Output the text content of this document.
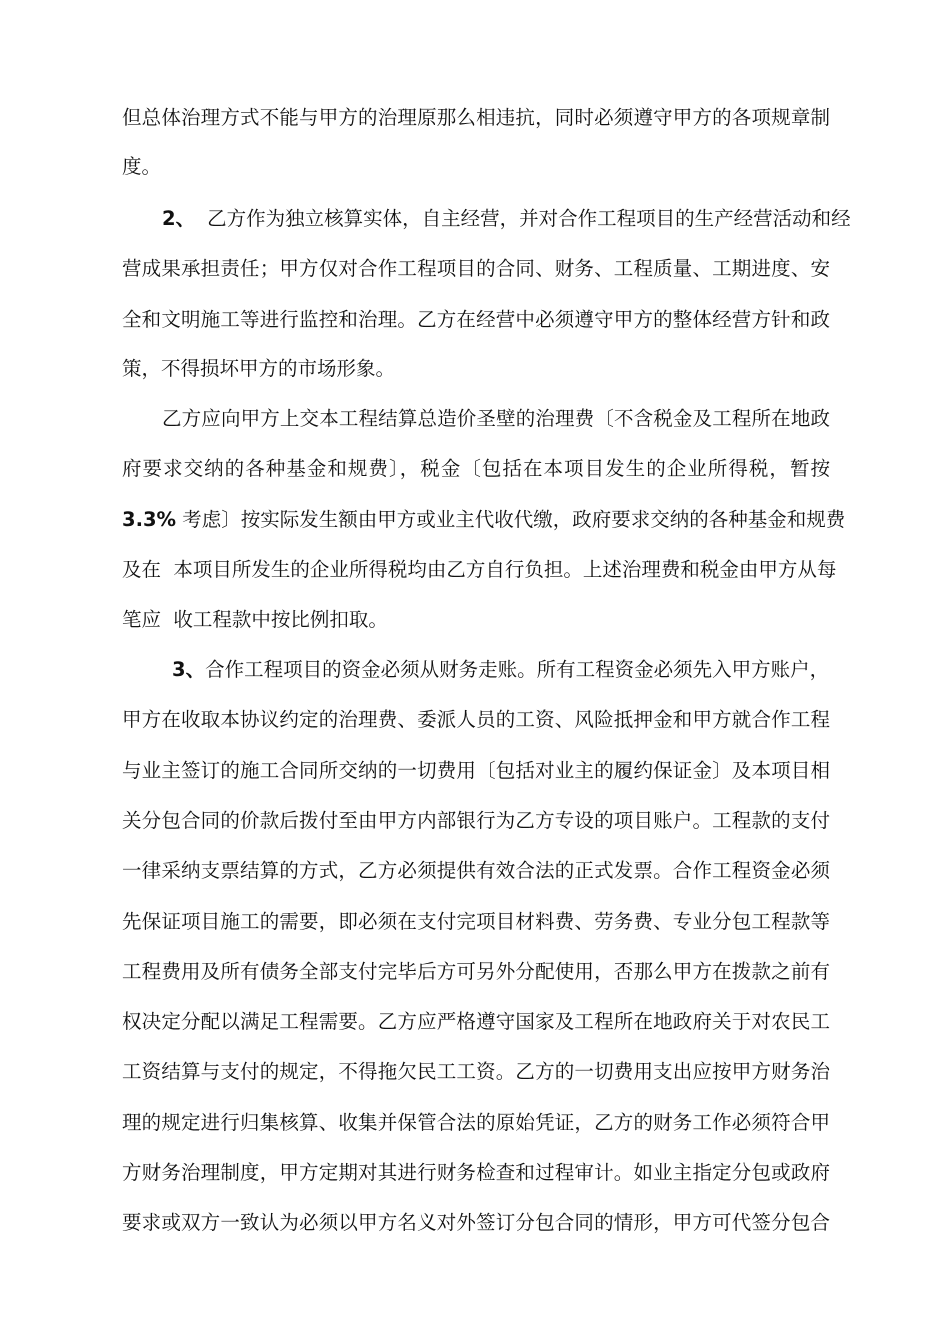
但总体治理方式不能与甲方的治理原那么相违抗，同时必须遵守甲方的各项规章制
度。
2、 乙方作为独立核算实体，自主经营，并对合作工程项目的生产经营活动和经
营成果承担责任；甲方仅对合作工程项目的合同、财务、工程质量、工期进度、安
全和文明施工等进行监控和治理。乙方在经营中必须遵守甲方的整体经营方针和政
策，不得损坏甲方的市场形象。
乙方应向甲方上交本工程结算总造价圣壁的治理费〔不含税金及工程所在地政
府要求交纳的各种基金和规费〕，税金〔包括在本项目发生的企业所得税，暂按
3.3% 考虑〕按实际发生额由甲方或业主代收代缴，政府要求交纳的各种基金和规费
及在  本项目所发生的企业所得税均由乙方自行负担。上述治理费和税金由甲方从每
笔应  收工程款中按比例扣取。
3、合作工程项目的资金必须从财务走账。所有工程资金必须先入甲方账户，
甲方在收取本协议约定的治理费、委派人员的工资、风险抵押金和甲方就合作工程
与业主签订的施工合同所交纳的一切费用〔包括对业主的履约保证金〕及本项目相
关分包合同的价款后拨付至由甲方内部银行为乙方专设的项目账户。工程款的支付
一律采纳支票结算的方式，乙方必须提供有效合法的正式发票。合作工程资金必须
先保证项目施工的需要，即必须在支付完项目材料费、劳务费、专业分包工程款等
工程费用及所有债务全部支付完毕后方可另外分配使用，否那么甲方在拨款之前有
权决定分配以满足工程需要。乙方应严格遵守国家及工程所在地政府关于对农民工
工资结算与支付的规定，不得拖欠民工工资。乙方的一切费用支出应按甲方财务治
理的规定进行归集核算、收集并保管合法的原始凭证，乙方的财务工作必须符合甲
方财务治理制度，甲方定期对其进行财务检查和过程审计。如业主指定分包或政府
要求或双方一致认为必须以甲方名义对外签订分包合同的情形，甲方可代签分包合
